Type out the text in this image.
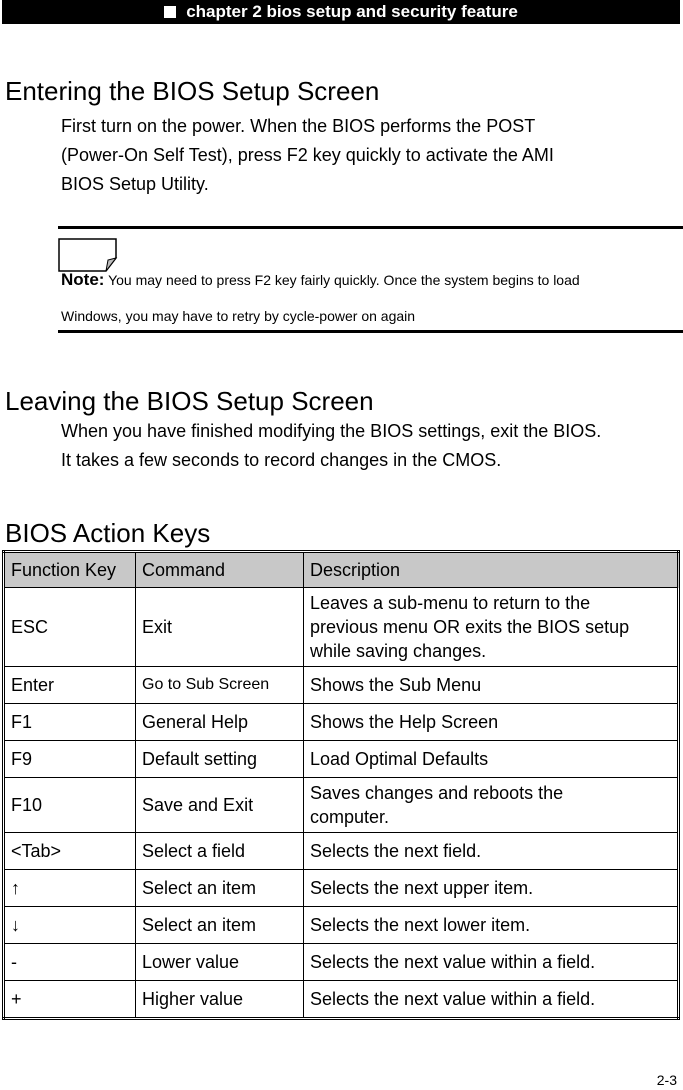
chapter 2 bios setup and security feature
Entering the BIOS Setup Screen
First turn on the power. When the BIOS performs the POST
(Power-On Self Test), press F2 key quickly to activate the AMI
BIOS Setup Utility.
Note: You may need to press F2 key fairly quickly. Once the system begins to load
Windows, you may have to retry by cycle-power on again
Leaving the BIOS Setup Screen
When you have finished modifying the BIOS settings, exit the BIOS.
It takes a few seconds to record changes in the CMOS.
BIOS Action Keys
Function Key	Command	Description
ESC	Exit	Leaves a sub-menu to return to the
previous menu OR exits the BIOS setup
while saving changes.

Enter	Go to Sub Screen	Shows the Sub Menu
F1	General Help	Shows the Help Screen
F9	Default setting	Load Optimal Defaults
F10	Save and Exit	Saves changes and reboots the
computer.

<Tab>	Select a field	Selects the next field.
↑	Select an item	Selects the next upper item.
↓	Select an item	Selects the next lower item.
-	Lower value	Selects the next value within a field.
+	Higher value	Selects the next value within a field.
2-3
